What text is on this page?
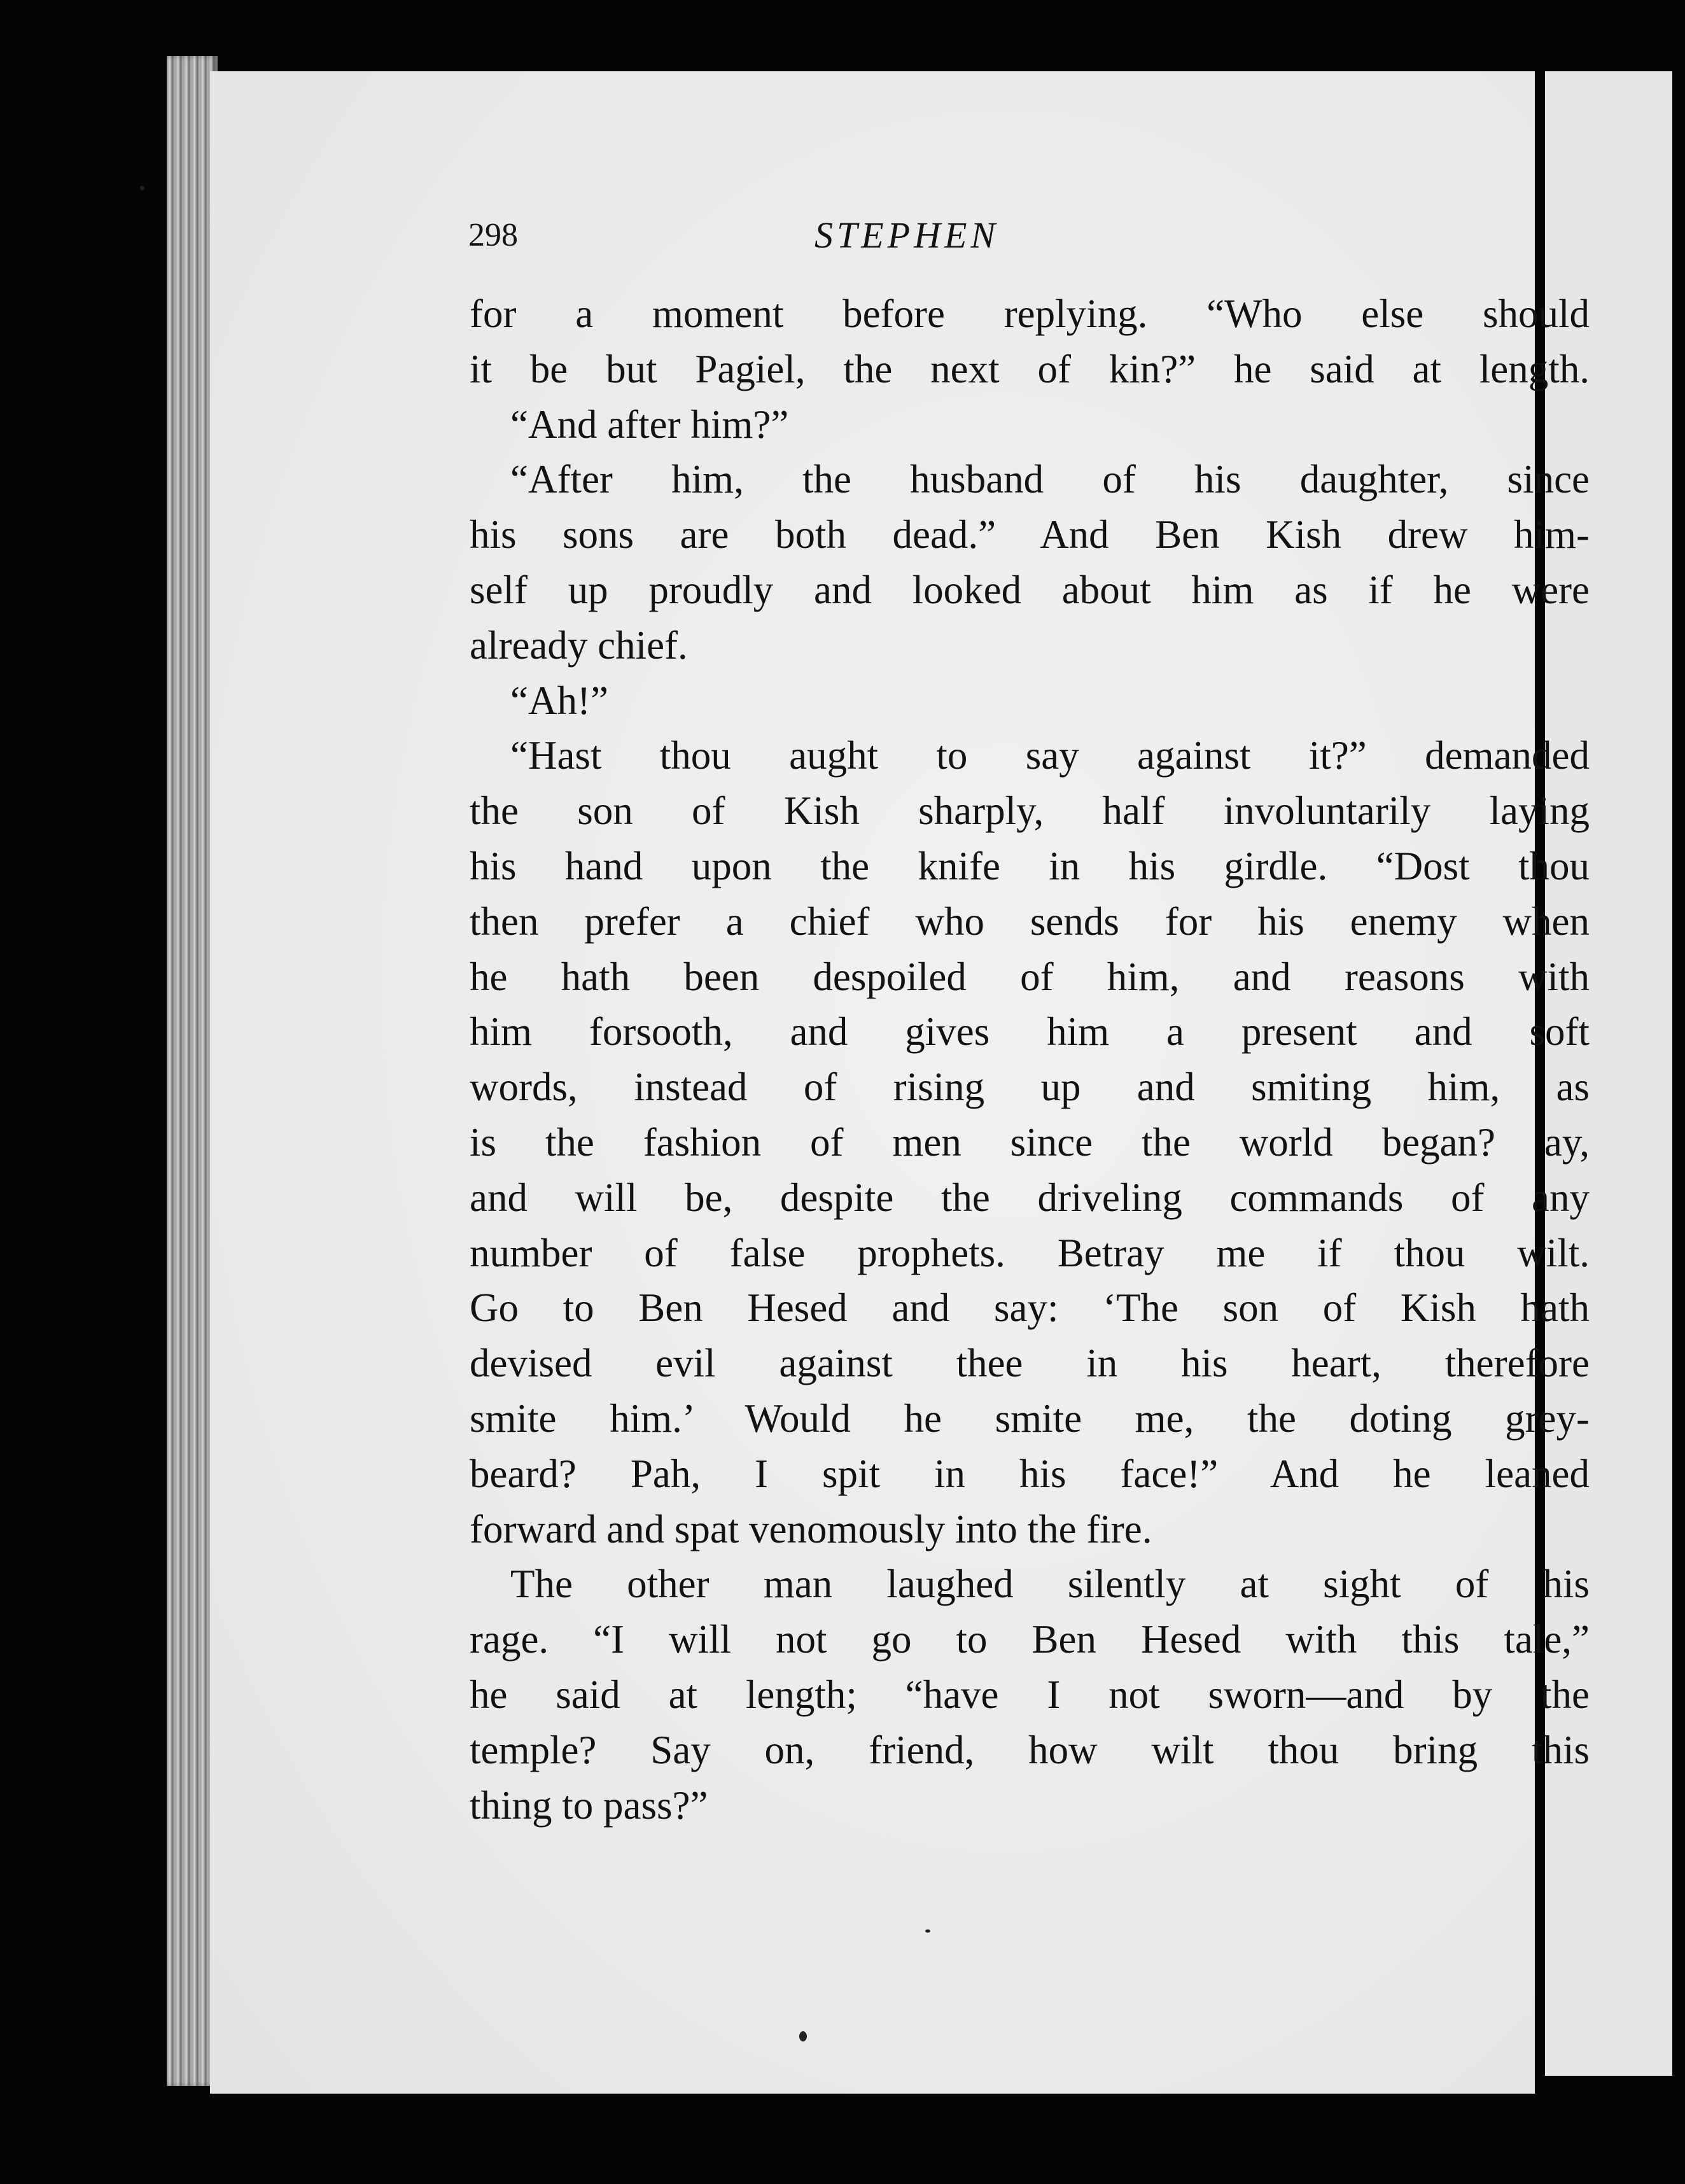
298	STEPHEN
for a moment before replying. “Who else should
it be but Pagiel, the next of kin?” he said at length.
“And after him?”
“After him, the husband of his daughter, since
his sons are both dead.” And Ben Kish drew him-
self up proudly and looked about him as if he were
already chief.
“Ah!”
“Hast thou aught to say against it?” demanded
the son of Kish sharply, half involuntarily laying
his hand upon the knife in his girdle. “Dost thou
then prefer a chief who sends for his enemy when
he hath been despoiled of him, and reasons with
him forsooth, and gives him a present and soft
words, instead of rising up and smiting him, as
is the fashion of men since the world began? ay,
and will be, despite the driveling commands of any
number of false prophets. Betray me if thou wilt.
Go to Ben Hesed and say: ‘The son of Kish hath
devised evil against thee in his heart, therefore
smite him.’ Would he smite me, the doting grey-
beard? Pah, I spit in his face!” And he leaned
forward and spat venomously into the fire.
The other man laughed silently at sight of his
rage. “I will not go to Ben Hesed with this tale,”
he said at length; “have I not sworn—and by the
temple? Say on, friend, how wilt thou bring this
thing to pass?”
